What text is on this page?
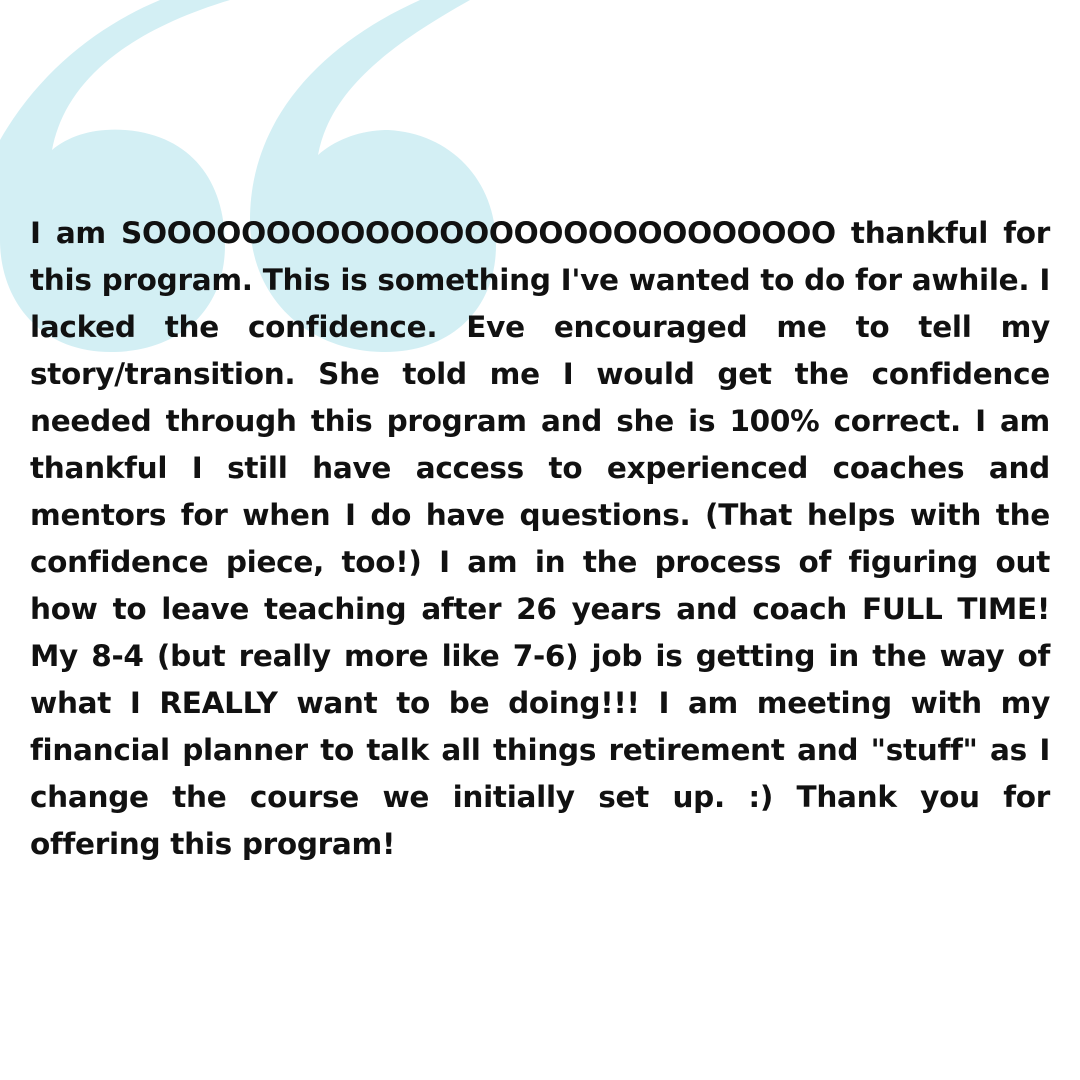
I am SOOOOOOOOOOOOOOOOOOOOOOOOOOOO thankful for this program. This is something I've wanted to do for awhile. I lacked the confidence. Eve encouraged me to tell my story/transition. She told me I would get the confidence needed through this program and she is 100% correct. I am thankful I still have access to experienced coaches and mentors for when I do have questions. (That helps with the confidence piece, too!) I am in the process of figuring out how to leave teaching after 26 years and coach FULL TIME! My 8-4 (but really more like 7-6) job is getting in the way of what I REALLY want to be doing!!! I am meeting with my financial planner to talk all things retirement and "stuff" as I change the course we initially set up. :) Thank you for offering this program!
